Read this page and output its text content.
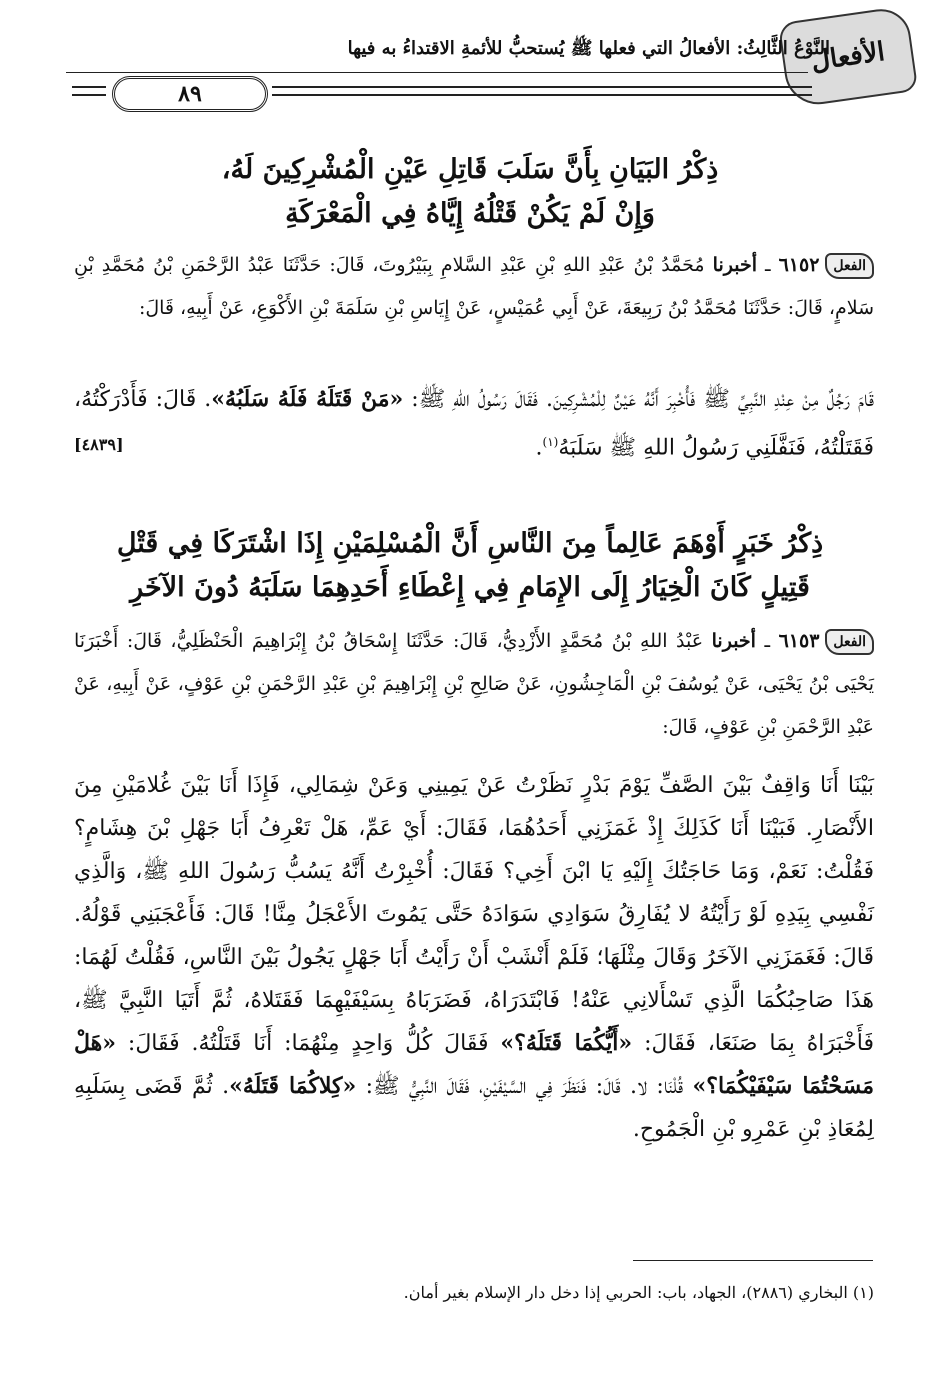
الأفعال
النَّوْعُ الثَّالِثُ: الأفعالُ التي فعلها ﷺ يُستحبُّ للأئمةِ الاقتداءُ به فيها
٨٩
ذِكْرُ البَيَانِ بِأَنَّ سَلَبَ قَاتِلِ عَيْنِ الْمُشْرِكِينَ لَهُ،
وَإِنْ لَمْ يَكُنْ قَتْلُهُ إِيَّاهُ فِي الْمَعْرَكَةِ
الفعل٦١٥٢ ـ أخبرنا مُحَمَّدُ بْنُ عَبْدِ اللهِ بْنِ عَبْدِ السَّلامِ بِبَيْرُوتَ، قَالَ: حَدَّثَنَا عَبْدُ الرَّحْمَنِ بْنُ مُحَمَّدِ بْنِ سَلامٍ، قَالَ: حَدَّثَنَا مُحَمَّدُ بْنُ رَبِيعَةَ، عَنْ أَبِي عُمَيْسٍ، عَنْ إِيَاسِ بْنِ سَلَمَةَ بْنِ الأَكْوَعِ، عَنْ أَبِيهِ، قَالَ:
قَامَ رَجُلٌ مِنْ عِنْدِ النَّبِيِّ ﷺ فَأُخْبِرَ أَنَّهُ عَيْنٌ لِلْمُشْرِكِينَ. فَقَالَ رَسُولُ اللهِ ﷺ: «مَنْ قَتَلَهُ فَلَهُ سَلَبُهُ». قَالَ: فَأَدْرَكْتُهُ، فَقَتَلْتُهُ، فَنَفَّلَنِي رَسُولُ اللهِ ﷺ سَلَبَهُ$^{(١)}$.
[٤٨٣٩]
ذِكْرُ خَبَرٍ أَوْهَمَ عَالِماً مِنَ النَّاسِ أَنَّ الْمُسْلِمَيْنِ إِذَا اشْتَرَكَا فِي قَتْلِ
قَتِيلٍ كَانَ الْخِيَارُ إِلَى الإِمَامِ فِي إِعْطَاءِ أَحَدِهِمَا سَلَبَهُ دُونَ الآخَرِ
الفعل٦١٥٣ ـ أخبرنا عَبْدُ اللهِ بْنُ مُحَمَّدٍ الأَزْدِيُّ، قَالَ: حَدَّثَنَا إِسْحَاقُ بْنُ إِبْرَاهِيمَ الْحَنْظَلِيُّ، قَالَ: أَخْبَرَنَا يَحْيَى بْنُ يَحْيَى، عَنْ يُوسُفَ بْنِ الْمَاجِشُونِ، عَنْ صَالِحِ بْنِ إِبْرَاهِيمَ بْنِ عَبْدِ الرَّحْمَنِ بْنِ عَوْفٍ، عَنْ أَبِيهِ، عَنْ عَبْدِ الرَّحْمَنِ بْنِ عَوْفٍ، قَالَ:
بَيْنَا أَنَا وَاقِفٌ بَيْنَ الصَّفِّ يَوْمَ بَدْرٍ نَظَرْتُ عَنْ يَمِينِي وَعَنْ شِمَالِي، فَإِذَا أَنَا بَيْنَ غُلامَيْنِ مِنَ الأَنْصَارِ. فَبَيْنَا أَنَا كَذَلِكَ إِذْ غَمَزَنِي أَحَدُهُمَا، فَقَالَ: أَيْ عَمِّ، هَلْ تَعْرِفُ أَبَا جَهْلِ بْنَ هِشَامٍ؟ فَقُلْتُ: نَعَمْ، وَمَا حَاجَتُكَ إِلَيْهِ يَا ابْنَ أَخِي؟ فَقَالَ: أُخْبِرْتُ أَنَّهُ يَسُبُّ رَسُولَ اللهِ ﷺ، وَالَّذِي نَفْسِي بِيَدِهِ لَوْ رَأَيْتُهُ لا يُفَارِقُ سَوَادِي سَوَادَهُ حَتَّى يَمُوتَ الأَعْجَلُ مِنَّا! قَالَ: فَأَعْجَبَنِي قَوْلُهُ. قَالَ: فَغَمَزَنِي الآخَرُ وَقَالَ مِثْلَهَا؛ فَلَمْ أَنْشَبْ أَنْ رَأَيْتُ أَبَا جَهْلٍ يَجُولُ بَيْنَ النَّاسِ، فَقُلْتُ لَهُمَا: هَذَا صَاحِبُكُمَا الَّذِي تَسْأَلانِي عَنْهُ! فَابْتَدَرَاهُ، فَضَرَبَاهُ بِسَيْفَيْهِمَا فَقَتَلاهُ، ثُمَّ أَتَيَا النَّبِيَّ ﷺ، فَأَخْبَرَاهُ بِمَا صَنَعَا، فَقَالَ: «أَيُّكُمَا قَتَلَهُ؟» فَقَالَ كُلُّ وَاحِدٍ مِنْهُمَا: أَنَا قَتَلْتُهُ. فَقَالَ: «هَلْ مَسَحْتُمَا سَيْفَيْكُمَا؟» قُلْنَا: لا. قَالَ: فَنَظَرَ فِي السَّيْفَيْنِ، فَقَالَ النَّبِيُّ ﷺ: «كِلاكُمَا قَتَلَهُ». ثُمَّ قَضَى بِسَلَبِهِ لِمُعَاذِ بْنِ عَمْرِو بْنِ الْجَمُوحِ.
(١) البخاري (٢٨٨٦)، الجهاد، باب: الحربي إذا دخل دار الإسلام بغير أمان.
